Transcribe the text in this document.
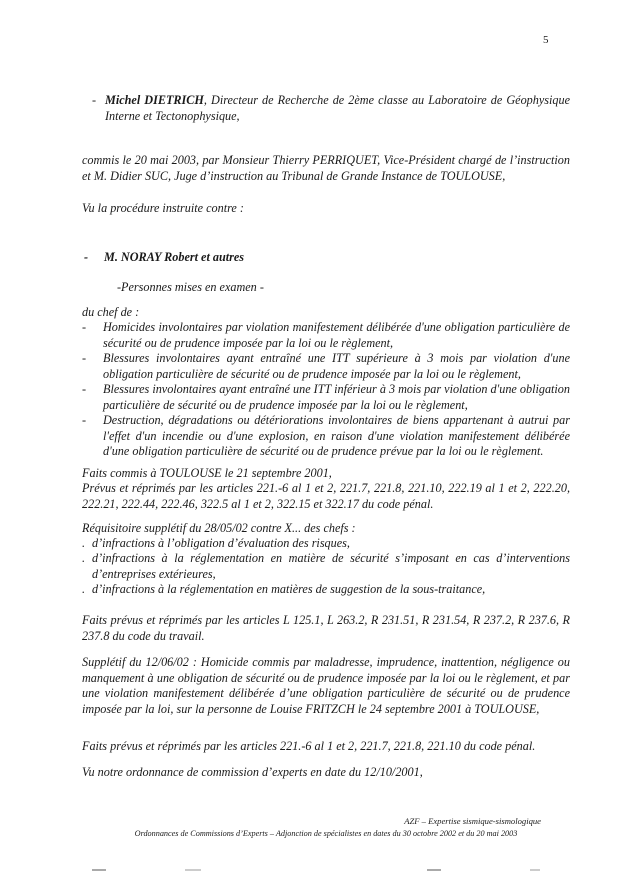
5
- Michel DIETRICH, Directeur de Recherche de 2ème classe au Laboratoire de Géophysique Interne et Tectonophysique,

commis le 20 mai 2003, par Monsieur Thierry PERRIQUET, Vice-Président chargé de l’instruction et M. Didier SUC, Juge d’instruction au Tribunal de Grande Instance de TOULOUSE,

Vu la procédure instruite contre :

- M. NORAY Robert et autres
-Personnes mises en examen -

du chef de :

- Homicides involontaires par violation manifestement délibérée d'une obligation particulière de sécurité ou de prudence imposée par la loi ou le règlement,
- Blessures involontaires ayant entraîné une ITT supérieure à 3 mois par violation d'une obligation particulière de sécurité ou de prudence imposée par la loi ou le règlement,
- Blessures involontaires ayant entraîné une ITT inférieur à 3 mois par violation d'une obligation particulière de sécurité ou de prudence imposée par la loi ou le règlement,
- Destruction, dégradations ou détériorations involontaires de biens appartenant à autrui par l'effet d'un incendie ou d'une explosion, en raison d'une violation manifestement délibérée d'une obligation particulière de sécurité ou de prudence prévue par la loi ou le règlement.

Faits commis à TOULOUSE le 21 septembre 2001,

Prévus et réprimés par les articles 221.-6 al 1 et 2, 221.7, 221.8, 221.10, 222.19 al 1 et 2, 222.20, 222.21, 222.44, 222.46, 322.5 al 1 et 2, 322.15 et 322.17 du code pénal.

Réquisitoire supplétif du 28/05/02 contre X... des chefs :

. d’infractions à l’obligation d’évaluation des risques,
. d’infractions à la réglementation en matière de sécurité s’imposant en cas d’interventions d’entreprises extérieures,
. d’infractions à la réglementation en matières de suggestion de la sous-traitance,

Faits prévus et réprimés par les articles L 125.1, L 263.2, R 231.51, R 231.54, R 237.2, R 237.6, R 237.8 du code du travail.

Supplétif du 12/06/02 : Homicide commis par maladresse, imprudence, inattention, négligence ou manquement à une obligation de sécurité ou de prudence imposée par la loi ou le règlement, et par une violation manifestement délibérée d’une obligation particulière de sécurité ou de prudence imposée par la loi, sur la personne de Louise FRITZCH le 24 septembre 2001 à TOULOUSE,

Faits prévus et réprimés par les articles 221.-6 al 1 et 2, 221.7, 221.8, 221.10 du code pénal.

Vu notre ordonnance de commission d’experts en date du 12/10/2001,

AZF – Expertise sismique-sismologique
Ordonnances de Commissions d’Experts – Adjonction de spécialistes en dates du 30 octobre 2002 et du 20 mai 2003
